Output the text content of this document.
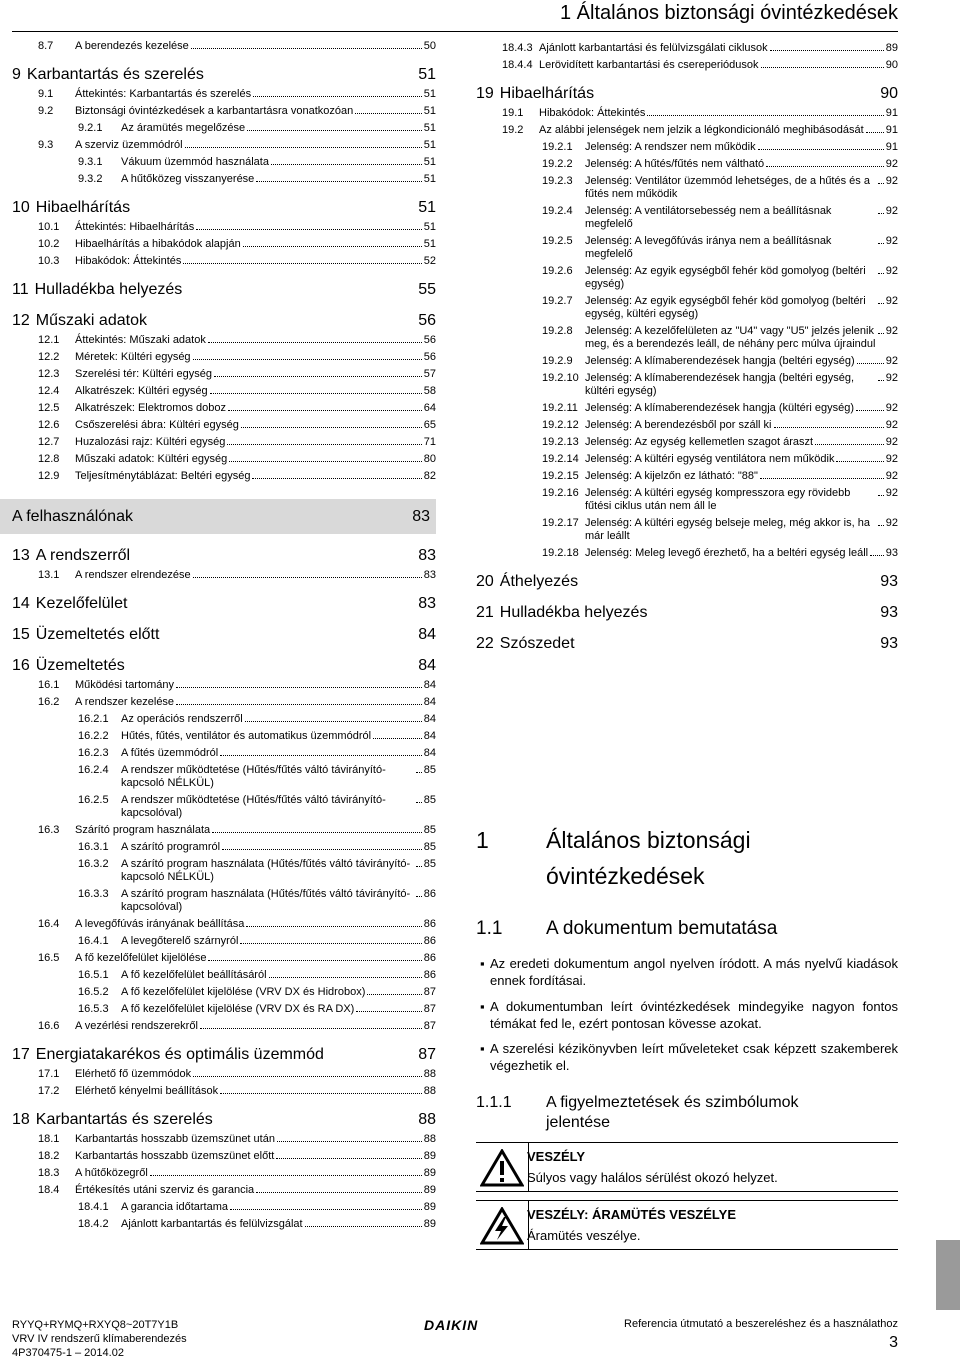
1 Általános biztonsági óvintézkedések
8.7	A berendezés kezelése	50
9 Karbantartás és szerelés	51
9.1	Áttekintés: Karbantartás és szerelés	51
9.2	Biztonsági óvintézkedések a karbantartásra vonatkozóan	51
9.2.1	Az áramütés megelőzése	51
9.3	A szerviz üzemmódról	51
9.3.1	Vákuum üzemmód használata	51
9.3.2	A hűtőközeg visszanyerése	51
10 Hibaelhárítás	51
10.1	Áttekintés: Hibaelhárítás	51
10.2	Hibaelhárítás a hibakódok alapján	51
10.3	Hibakódok: Áttekintés	52
11 Hulladékba helyezés	55
12 Műszaki adatok	56
12.1	Áttekintés: Műszaki adatok	56
12.2	Méretek: Kültéri egység	56
12.3	Szerelési tér: Kültéri egység	57
12.4	Alkatrészek: Kültéri egység	58
12.5	Alkatrészek: Elektromos doboz	64
12.6	Csőszerelési ábra: Kültéri egység	65
12.7	Huzalozási rajz: Kültéri egység	71
12.8	Műszaki adatok: Kültéri egység	80
12.9	Teljesítménytáblázat: Beltéri egység	82
A felhasználónak	83
13 A rendszerről	83
13.1	A rendszer elrendezése	83
14 Kezelőfelület	83
15 Üzemeltetés előtt	84
16 Üzemeltetés	84
16.1	Működési tartomány	84
16.2	A rendszer kezelése	84
16.2.1	Az operációs rendszerről	84
16.2.2	Hűtés, fűtés, ventilátor és automatikus üzemmódról	84
16.2.3	A fűtés üzemmódról	84
16.2.4	A rendszer működtetése (Hűtés/fűtés váltó távirányító-kapcsoló NÉLKÜL)
85
16.2.5	A rendszer működtetése (Hűtés/fűtés váltó távirányító-kapcsolóval)
85
16.3	Szárító program használata	85
16.3.1	A szárító programról	85
16.3.2	A szárító program használata (Hűtés/fűtés váltó távirányító-kapcsoló NÉLKÜL)
85
16.3.3	A szárító program használata (Hűtés/fűtés váltó távirányító-kapcsolóval)
86
16.4	A levegőfúvás irányának beállítása	86
16.4.1	A levegőterelő szárnyról	86
16.5	A fő kezelőfelület kijelölése	86
16.5.1	A fő kezelőfelület beállításáról	86
16.5.2	A fő kezelőfelület kijelölése (VRV DX és Hidrobox)	87
16.5.3	A fő kezelőfelület kijelölése (VRV DX és RA DX)	87
16.6	A vezérlési rendszerekről	87
17 Energiatakarékos és optimális üzemmód	87
17.1	Elérhető fő üzemmódok	88
17.2	Elérhető kényelmi beállítások	88
18 Karbantartás és szerelés	88
18.1	Karbantartás hosszabb üzemszünet után	88
18.2	Karbantartás hosszabb üzemszünet előtt	89
18.3	A hűtőközegről	89
18.4	Értékesítés utáni szerviz és garancia	89
18.4.1	A garancia időtartama	89
18.4.2	Ajánlott karbantartás és felülvizsgálat	89
18.4.3 Ajánlott karbantartási és felülvizsgálati ciklusok	89
18.4.4 Lerövidített karbantartási és csereperiódusok	90
19 Hibaelhárítás	90
19.1	Hibakódok: Áttekintés	91
19.2	Az alábbi jelenségek nem jelzik a légkondicionáló meghibásodását 91
19.2.1	Jelenség: A rendszer nem működik	91
19.2.2	Jelenség: A hűtés/fűtés nem váltható	92
19.2.3	Jelenség: Ventilátor üzemmód lehetséges, de a hűtés és a fűtés nem működik
92
19.2.4	Jelenség: A ventilátorsebesség nem a beállításnak megfelelő
92
19.2.5	Jelenség: A levegőfúvás iránya nem a beállításnak megfelelő
92
19.2.6	Jelenség: Az egyik egységből fehér köd gomolyog (beltéri egység)
92
19.2.7	Jelenség: Az egyik egységből fehér köd gomolyog (beltéri egység, kültéri egység)
92
19.2.8	Jelenség: A kezelőfelületen az "U4" vagy "U5" jelzés jelenik meg, és a berendezés leáll, de néhány perc múlva újraindul
92
19.2.9	Jelenség: A klímaberendezések hangja (beltéri egység)	92
19.2.10 Jelenség: A klímaberendezések hangja (beltéri egység, kültéri egység)
92
19.2.11 Jelenség: A klímaberendezések hangja (kültéri egység)	92
19.2.12 Jelenség: A berendezésből por száll ki	92
19.2.13 Jelenség: Az egység kellemetlen szagot áraszt	92
19.2.14 Jelenség: A kültéri egység ventilátora nem működik	92
19.2.15 Jelenség: A kijelzőn ez látható: "88"	92
19.2.16 Jelenség: A kültéri egység kompresszora egy rövidebb fűtési ciklus után nem áll le
92
19.2.17 Jelenség: A kültéri egység belseje meleg, még akkor is, ha már leállt
92
19.2.18 Jelenség: Meleg levegő érezhető, ha a beltéri egység leáll 93
20 Áthelyezés	93
21 Hulladékba helyezés	93
22 Szószedet	93
1 Általános biztonsági óvintézkedések
1.1 A dokumentum bemutatása
▪ Az eredeti dokumentum angol nyelven íródott. A más nyelvű kiadások ennek fordításai.
▪ A dokumentumban leírt óvintézkedések mindegyike nagyon fontos témákat fed le, ezért pontosan kövesse azokat.
▪ A szerelési kézikönyvben leírt műveleteket csak képzett szakemberek végezhetik el.
1.1.1 A figyelmeztetések és szimbólumok jelentése
VESZÉLY
Súlyos vagy halálos sérülést okozó helyzet.
VESZÉLY: ÁRAMÜTÉS VESZÉLYE
Áramütés veszélye.
RYYQ+RYMQ+RXYQ8~20T7Y1B
VRV IV rendszerű klímaberendezés
4P370475-1 – 2014.02
DAIKIN	Referencia útmutató a beszereléshez és a használathoz
3
